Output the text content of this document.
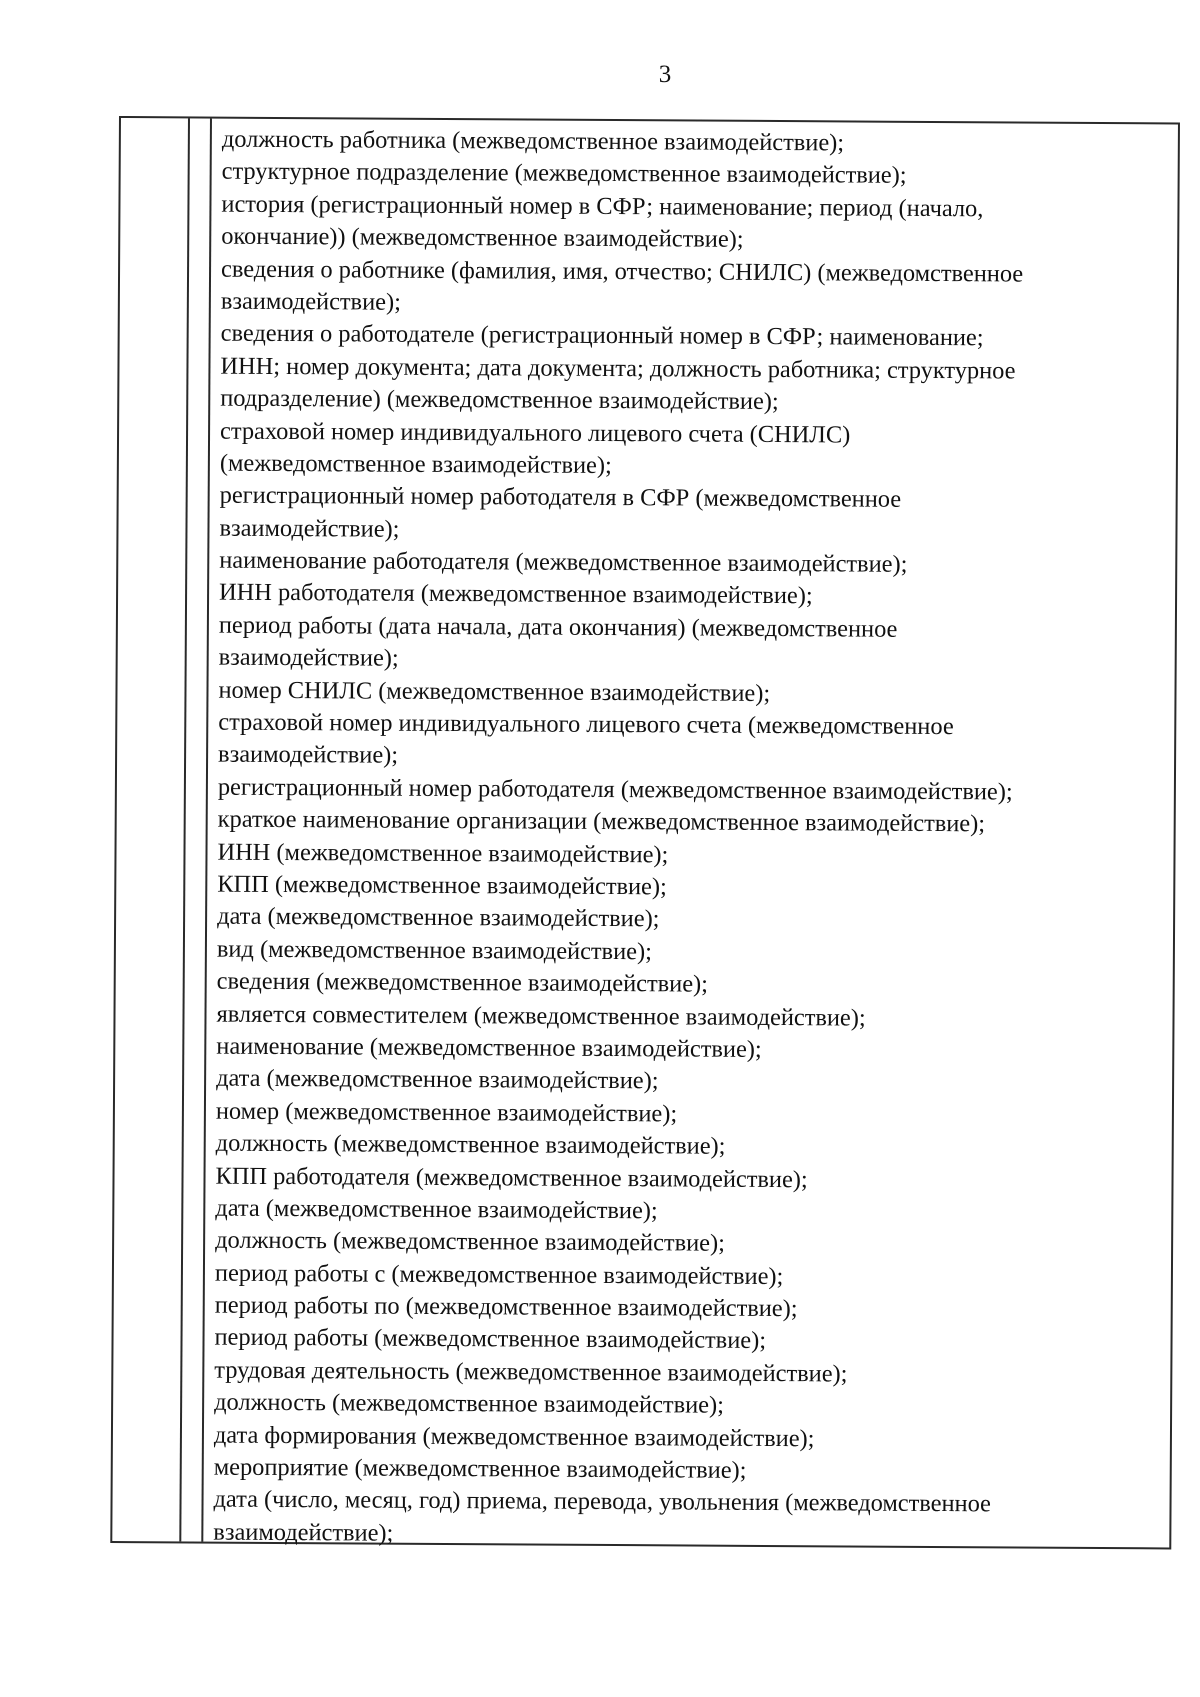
3
должность работника (межведомственное взаимодействие);
структурное подразделение (межведомственное взаимодействие);
история (регистрационный номер в СФР; наименование; период (начало,
окончание)) (межведомственное взаимодействие);
сведения о работнике (фамилия, имя, отчество; СНИЛС) (межведомственное
взаимодействие);
сведения о работодателе (регистрационный номер в СФР; наименование;
ИНН; номер документа; дата документа; должность работника; структурное
подразделение) (межведомственное взаимодействие);
страховой номер индивидуального лицевого счета (СНИЛС)
(межведомственное взаимодействие);
регистрационный номер работодателя в СФР (межведомственное
взаимодействие);
наименование работодателя (межведомственное взаимодействие);
ИНН работодателя (межведомственное взаимодействие);
период работы (дата начала, дата окончания) (межведомственное
взаимодействие);
номер СНИЛС (межведомственное взаимодействие);
страховой номер индивидуального лицевого счета (межведомственное
взаимодействие);
регистрационный номер работодателя (межведомственное взаимодействие);
краткое наименование организации (межведомственное взаимодействие);
ИНН (межведомственное взаимодействие);
КПП (межведомственное взаимодействие);
дата (межведомственное взаимодействие);
вид (межведомственное взаимодействие);
сведения (межведомственное взаимодействие);
является совместителем (межведомственное взаимодействие);
наименование (межведомственное взаимодействие);
дата (межведомственное взаимодействие);
номер (межведомственное взаимодействие);
должность (межведомственное взаимодействие);
КПП работодателя (межведомственное взаимодействие);
дата (межведомственное взаимодействие);
должность (межведомственное взаимодействие);
период работы с (межведомственное взаимодействие);
период работы по (межведомственное взаимодействие);
период работы (межведомственное взаимодействие);
трудовая деятельность (межведомственное взаимодействие);
должность (межведомственное взаимодействие);
дата формирования (межведомственное взаимодействие);
мероприятие (межведомственное взаимодействие);
дата (число, месяц, год) приема, перевода, увольнения (межведомственное
взаимодействие);
